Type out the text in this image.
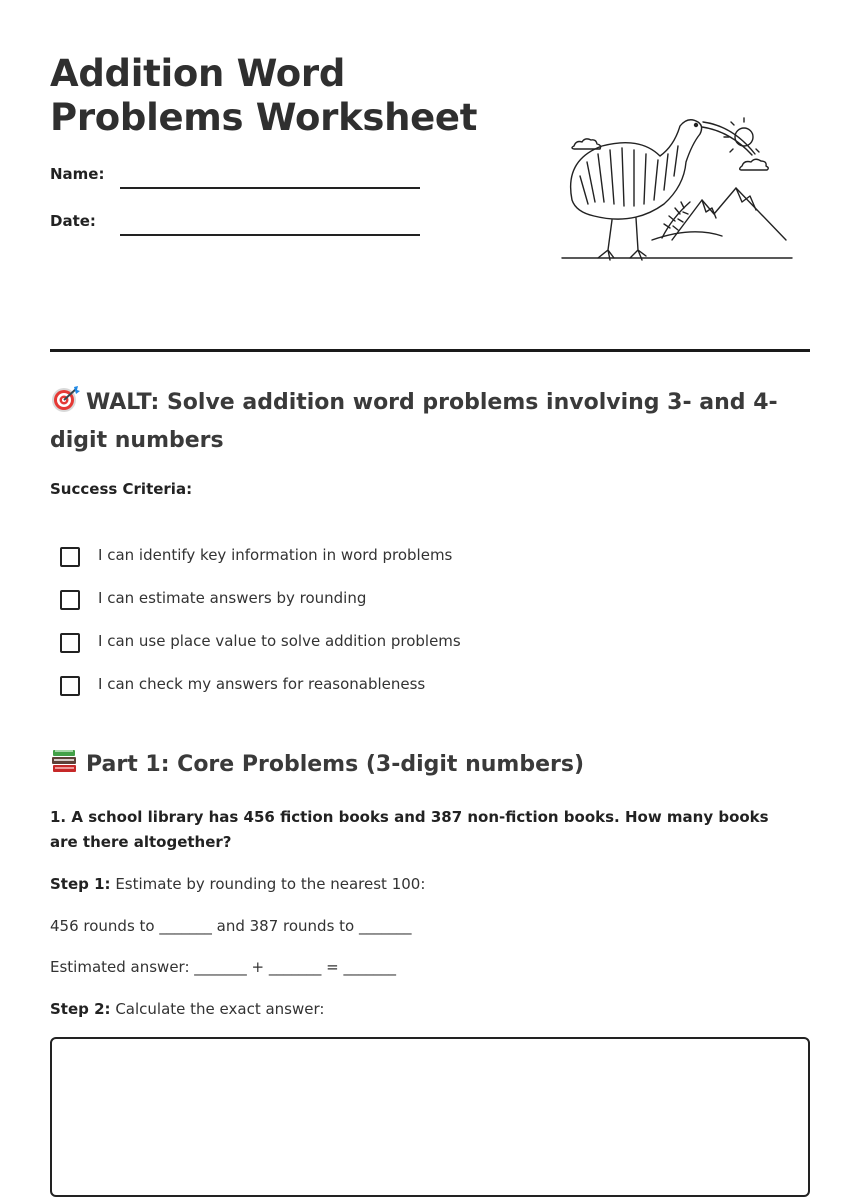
Addition Word Problems Worksheet
Name:
Date:
WALT: Solve addition word problems involving 3- and 4-digit numbers
Success Criteria:
I can identify key information in word problems
I can estimate answers by rounding
I can use place value to solve addition problems
I can check my answers for reasonableness
Part 1: Core Problems (3-digit numbers)

1. A school library has 456 fiction books and 387 non-fiction books. How many books are there altogether?

Step 1: Estimate by rounding to the nearest 100:

456 rounds to _______ and 387 rounds to _______

Estimated answer: _______ + _______ = _______

Step 2: Calculate the exact answer:
